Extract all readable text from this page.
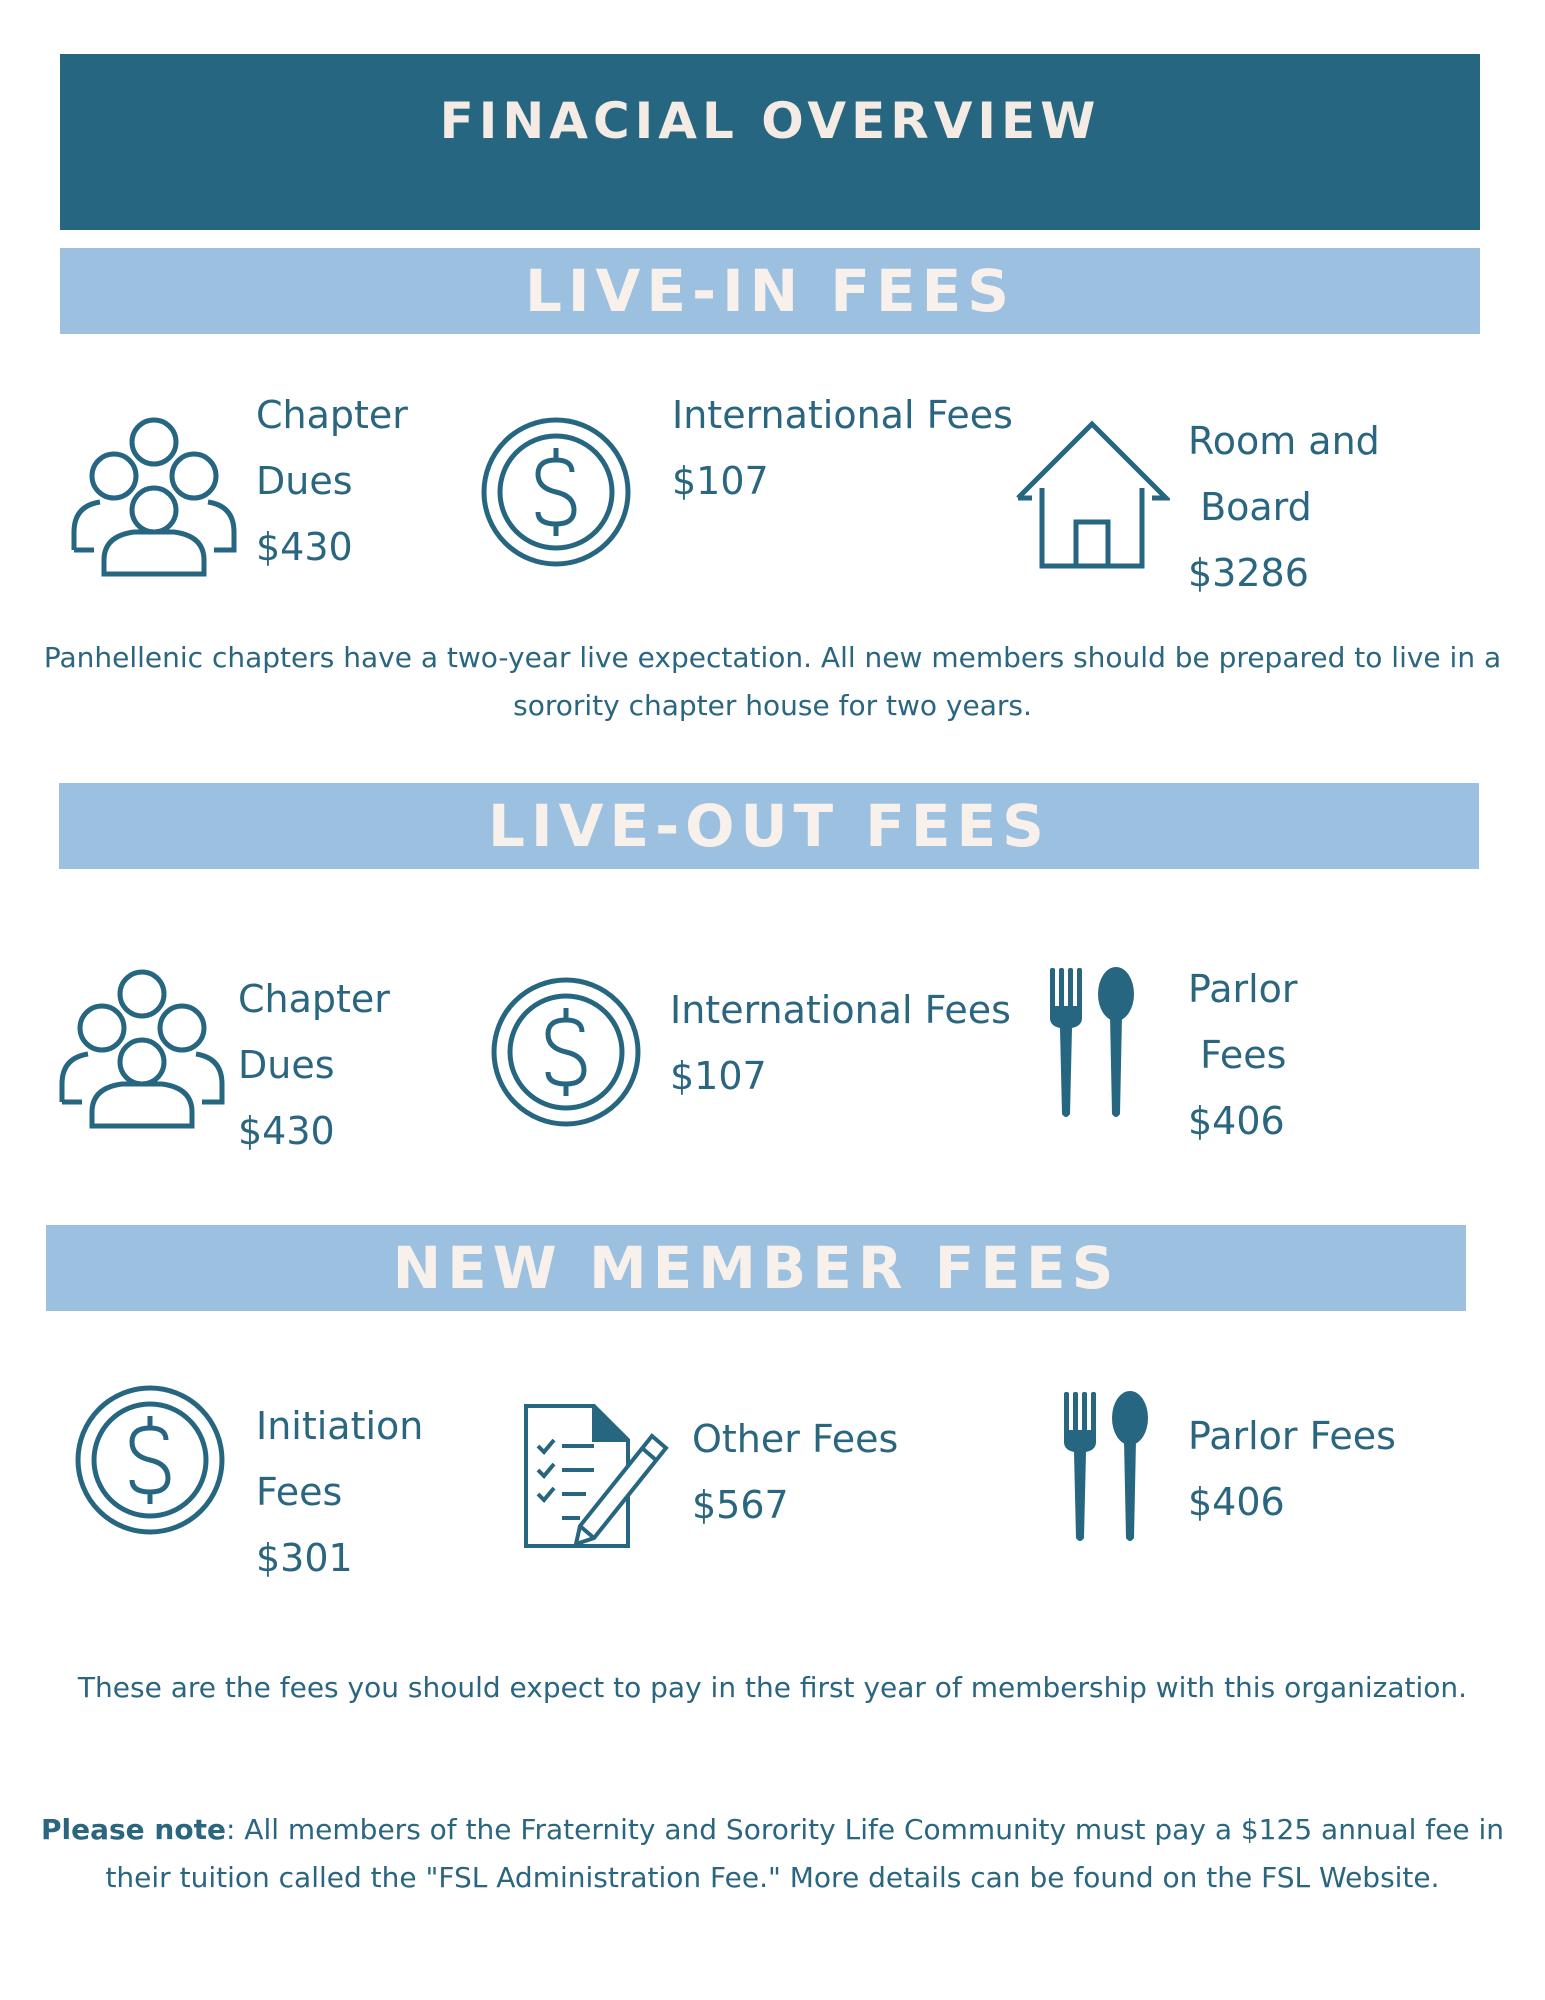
FINACIAL OVERVIEW
LIVE-IN FEES
Chapter
Dues
$430
International Fees
$107
Room and
Board
$3286
Panhellenic chapters have a two-year live expectation. All new members should be prepared to live in a sorority chapter house for two years.
LIVE-OUT FEES
Chapter
Dues
$430
International Fees
$107
Parlor
Fees
$406
NEW MEMBER FEES
Initiation
Fees
$301
Other Fees
$567
Parlor Fees
$406
These are the fees you should expect to pay in the first year of membership with this organization.
Please note: All members of the Fraternity and Sorority Life Community must pay a $125 annual fee in their tuition called the "FSL Administration Fee." More details can be found on the FSL Website.
